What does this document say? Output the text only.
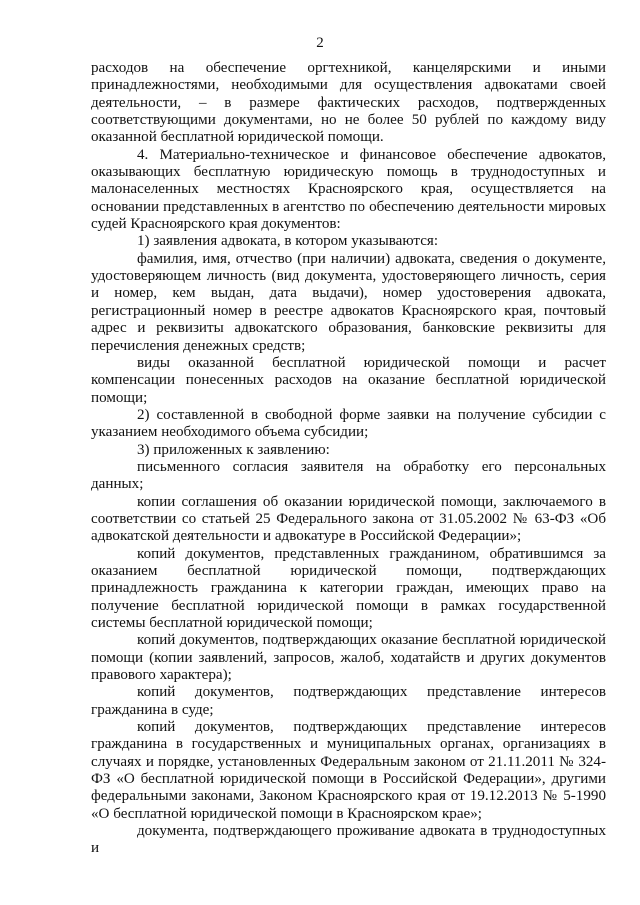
2

расходов на обеспечение оргтехникой, канцелярскими и иными принадлежностями, необходимыми для осуществления адвокатами своей деятельности, – в размере фактических расходов, подтвержденных соответствующими документами, но не более 50 рублей по каждому виду оказанной бесплатной юридической помощи.

4. Материально-техническое и финансовое обеспечение адвокатов, оказывающих бесплатную юридическую помощь в труднодоступных и малонаселенных местностях Красноярского края, осуществляется на основании представленных в агентство по обеспечению деятельности мировых судей Красноярского края документов:

1) заявления адвоката, в котором указываются:

фамилия, имя, отчество (при наличии) адвоката, сведения о документе, удостоверяющем личность (вид документа, удостоверяющего личность, серия и номер, кем выдан, дата выдачи), номер удостоверения адвоката, регистрационный номер в реестре адвокатов Красноярского края, почтовый адрес и реквизиты адвокатского образования, банковские реквизиты для перечисления денежных средств;

виды оказанной бесплатной юридической помощи и расчет компенсации понесенных расходов на оказание бесплатной юридической помощи;

2) составленной в свободной форме заявки на получение субсидии с указанием необходимого объема субсидии;

3) приложенных к заявлению:

письменного согласия заявителя на обработку его персональных данных;

копии соглашения об оказании юридической помощи, заключаемого в соответствии со статьей 25 Федерального закона от 31.05.2002 № 63-ФЗ «Об адвокатской деятельности и адвокатуре в Российской Федерации»;

копий документов, представленных гражданином, обратившимся за оказанием бесплатной юридической помощи, подтверждающих принадлежность гражданина к категории граждан, имеющих право на получение бесплатной юридической помощи в рамках государственной системы бесплатной юридической помощи;

копий документов, подтверждающих оказание бесплатной юридической помощи (копии заявлений, запросов, жалоб, ходатайств и других документов правового характера);

копий документов, подтверждающих представление интересов гражданина в суде;

копий документов, подтверждающих представление интересов гражданина в государственных и муниципальных органах, организациях в случаях и порядке, установленных Федеральным законом от 21.11.2011 № 324-ФЗ «О бесплатной юридической помощи в Российской Федерации», другими федеральными законами, Законом Красноярского края от 19.12.2013 № 5-1990 «О бесплатной юридической помощи в Красноярском крае»;

документа, подтверждающего проживание адвоката в труднодоступных и
